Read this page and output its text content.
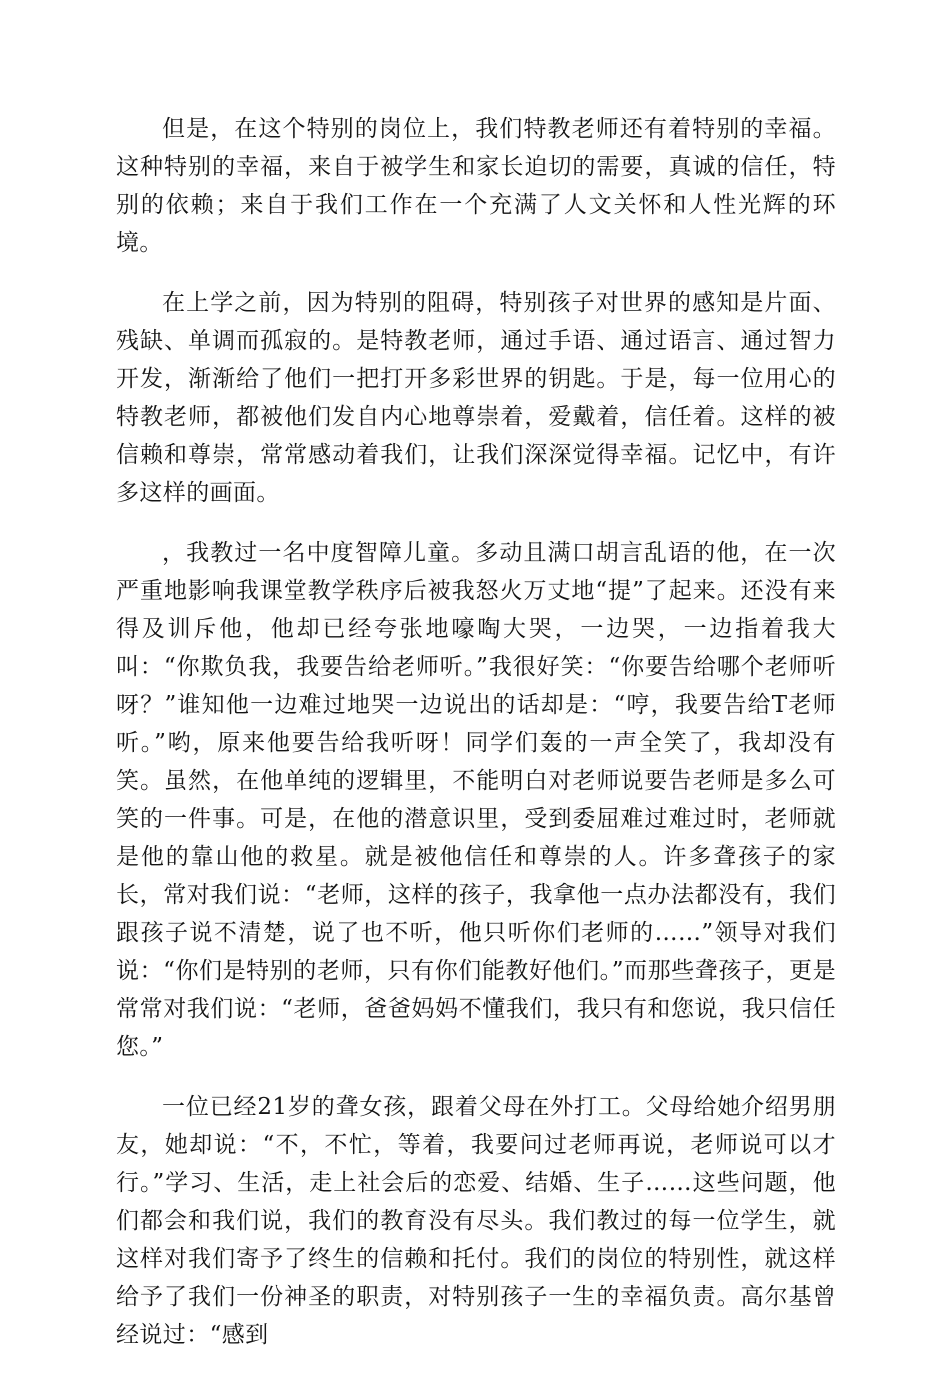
但是，在这个特别的岗位上，我们特教老师还有着特别的幸福。这种特别的幸福，来自于被学生和家长迫切的需要，真诚的信任，特别的依赖；来自于我们工作在一个充满了人文关怀和人性光辉的环境。

在上学之前，因为特别的阻碍，特别孩子对世界的感知是片面、残缺、单调而孤寂的。是特教老师，通过手语、通过语言、通过智力开发，渐渐给了他们一把打开多彩世界的钥匙。于是，每一位用心的特教老师，都被他们发自内心地尊崇着，爱戴着，信任着。这样的被信赖和尊崇，常常感动着我们，让我们深深觉得幸福。记忆中，有许多这样的画面。

，我教过一名中度智障儿童。多动且满口胡言乱语的他，在一次严重地影响我课堂教学秩序后被我怒火万丈地“提”了起来。还没有来得及训斥他，他却已经夸张地嚎啕大哭，一边哭，一边指着我大叫：“你欺负我，我要告给老师听。”我很好笑：“你要告给哪个老师听呀？”谁知他一边难过地哭一边说出的话却是：“哼，我要告给T老师听。”哟，原来他要告给我听呀！同学们轰的一声全笑了，我却没有笑。虽然，在他单纯的逻辑里，不能明白对老师说要告老师是多么可笑的一件事。可是，在他的潜意识里，受到委屈难过难过时，老师就是他的靠山他的救星。就是被他信任和尊崇的人。许多聋孩子的家长，常对我们说：“老师，这样的孩子，我拿他一点办法都没有，我们跟孩子说不清楚，说了也不听，他只听你们老师的……”领导对我们说：“你们是特别的老师，只有你们能教好他们。”而那些聋孩子，更是常常对我们说：“老师，爸爸妈妈不懂我们，我只有和您说，我只信任您。”

一位已经21岁的聋女孩，跟着父母在外打工。父母给她介绍男朋友，她却说：“不，不忙，等着，我要问过老师再说，老师说可以才行。”学习、生活，走上社会后的恋爱、结婚、生子……这些问题，他们都会和我们说，我们的教育没有尽头。我们教过的每一位学生，就这样对我们寄予了终生的信赖和托付。我们的岗位的特别性，就这样给予了我们一份神圣的职责，对特别孩子一生的幸福负责。高尔基曾经说过：“感到
